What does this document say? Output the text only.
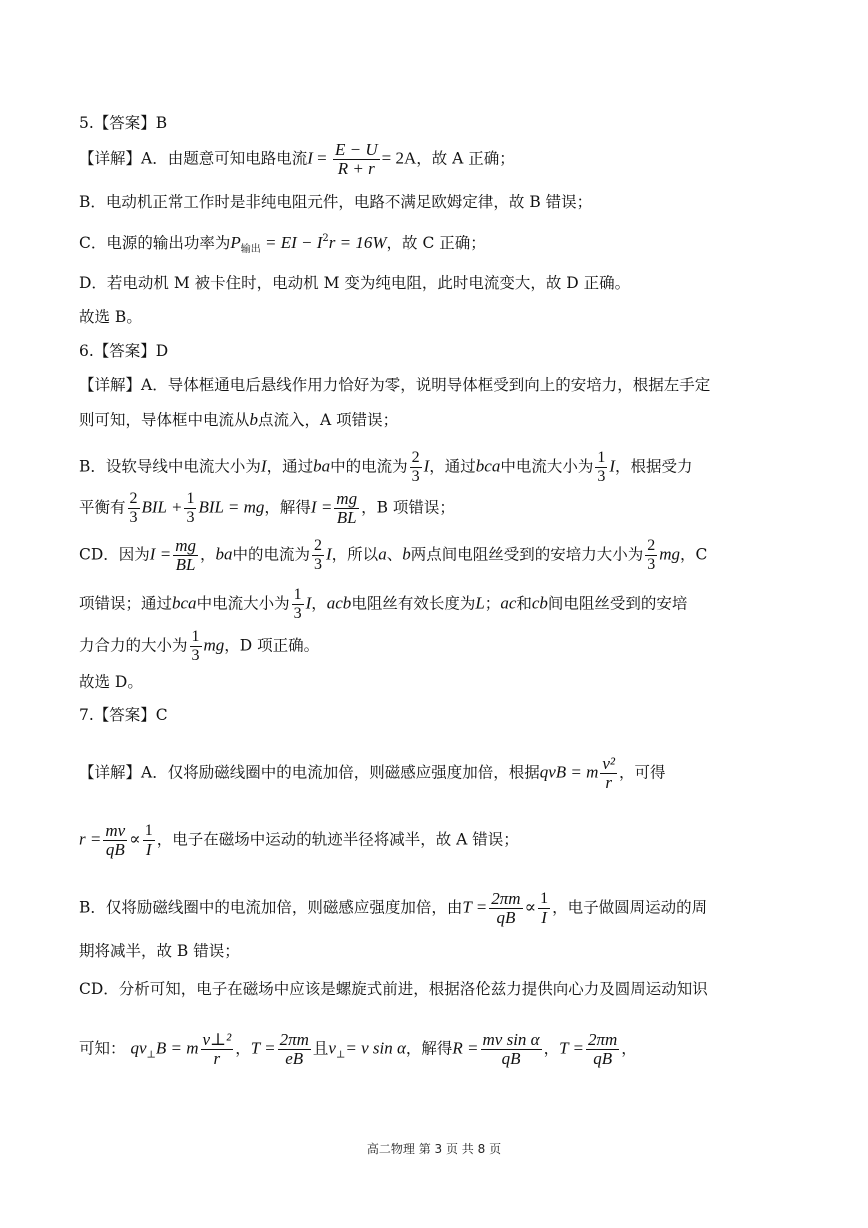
5.【答案】B
【详解】A．由题意可知电路电流$I = \frac{E - U}{R + r} = 2A$，故 A 正确；
B．电动机正常工作时是非纯电阻元件，电路不满足欧姆定律，故 B 错误；
C．电源的输出功率为$P_{输出}$ = EI − $I^2r = 16W$，故 C 正确；
D．若电动机 M 被卡住时，电动机 M 变为纯电阻，此时电流变大，故 D 正确。
故选 B。
6.【答案】D
【详解】A．导体框通电后悬线作用力恰好为零，说明导体框受到向上的安培力，根据左手定
则可知，导体框中电流从b点流入，A 项错误；
B．设软导线中电流大小为I，通过ba中的电流为 $\frac{2}{3}$ I，通过bca中电流大小为 $\frac{1}{3}$ I，根据受力
平衡有 $\frac{2}{3}$ BIL + $\frac{1}{3}$ BIL = mg，解得$I = \frac{mg}{BL}$ ，B 项错误；
CD．因为$I = \frac{mg}{BL}$ ，ba中的电流为 $\frac{2}{3}$ I，所以a、b两点间电阻丝受到的安培力大小为 $\frac{2}{3}$ mg，C
项错误；通过bca中电流大小为 $\frac{1}{3}$ I，acb电阻丝有效长度为L；ac和cb间电阻丝受到的安培
力合力的大小为 $\frac{1}{3}$ mg，D 项正确。
故选 D。
7.【答案】C
【详解】A．仅将励磁线圈中的电流加倍，则磁感应强度加倍，根据qvB = m $\frac{\text{v²}}{r}$ ，可得
$r = \frac{mv}{qB} \propto \frac{1}{I}$ ，电子在磁场中运动的轨迹半径将减半，故 A 错误；
B．仅将励磁线圈中的电流加倍，则磁感应强度加倍，由$T = \frac{2\pi m}{qB} \propto \frac{1}{I}$ ，电子做圆周运动的周
期将减半，故 B 错误；
CD．分析可知，电子在磁场中应该是螺旋式前进，根据洛伦兹力提供向心力及圆周运动知识
可知： $qv_\perp B = m \frac{\text{v⊥²}}{r}$ ，$T = \frac{2\pi m}{eB}$ 且$v_\perp= v$ sin α，解得$R = \frac{\text{mv sin α}}{qB}$ ，$T = \frac{2\pi m}{qB}$ ，
高二物理 第 3 页 共 8 页
